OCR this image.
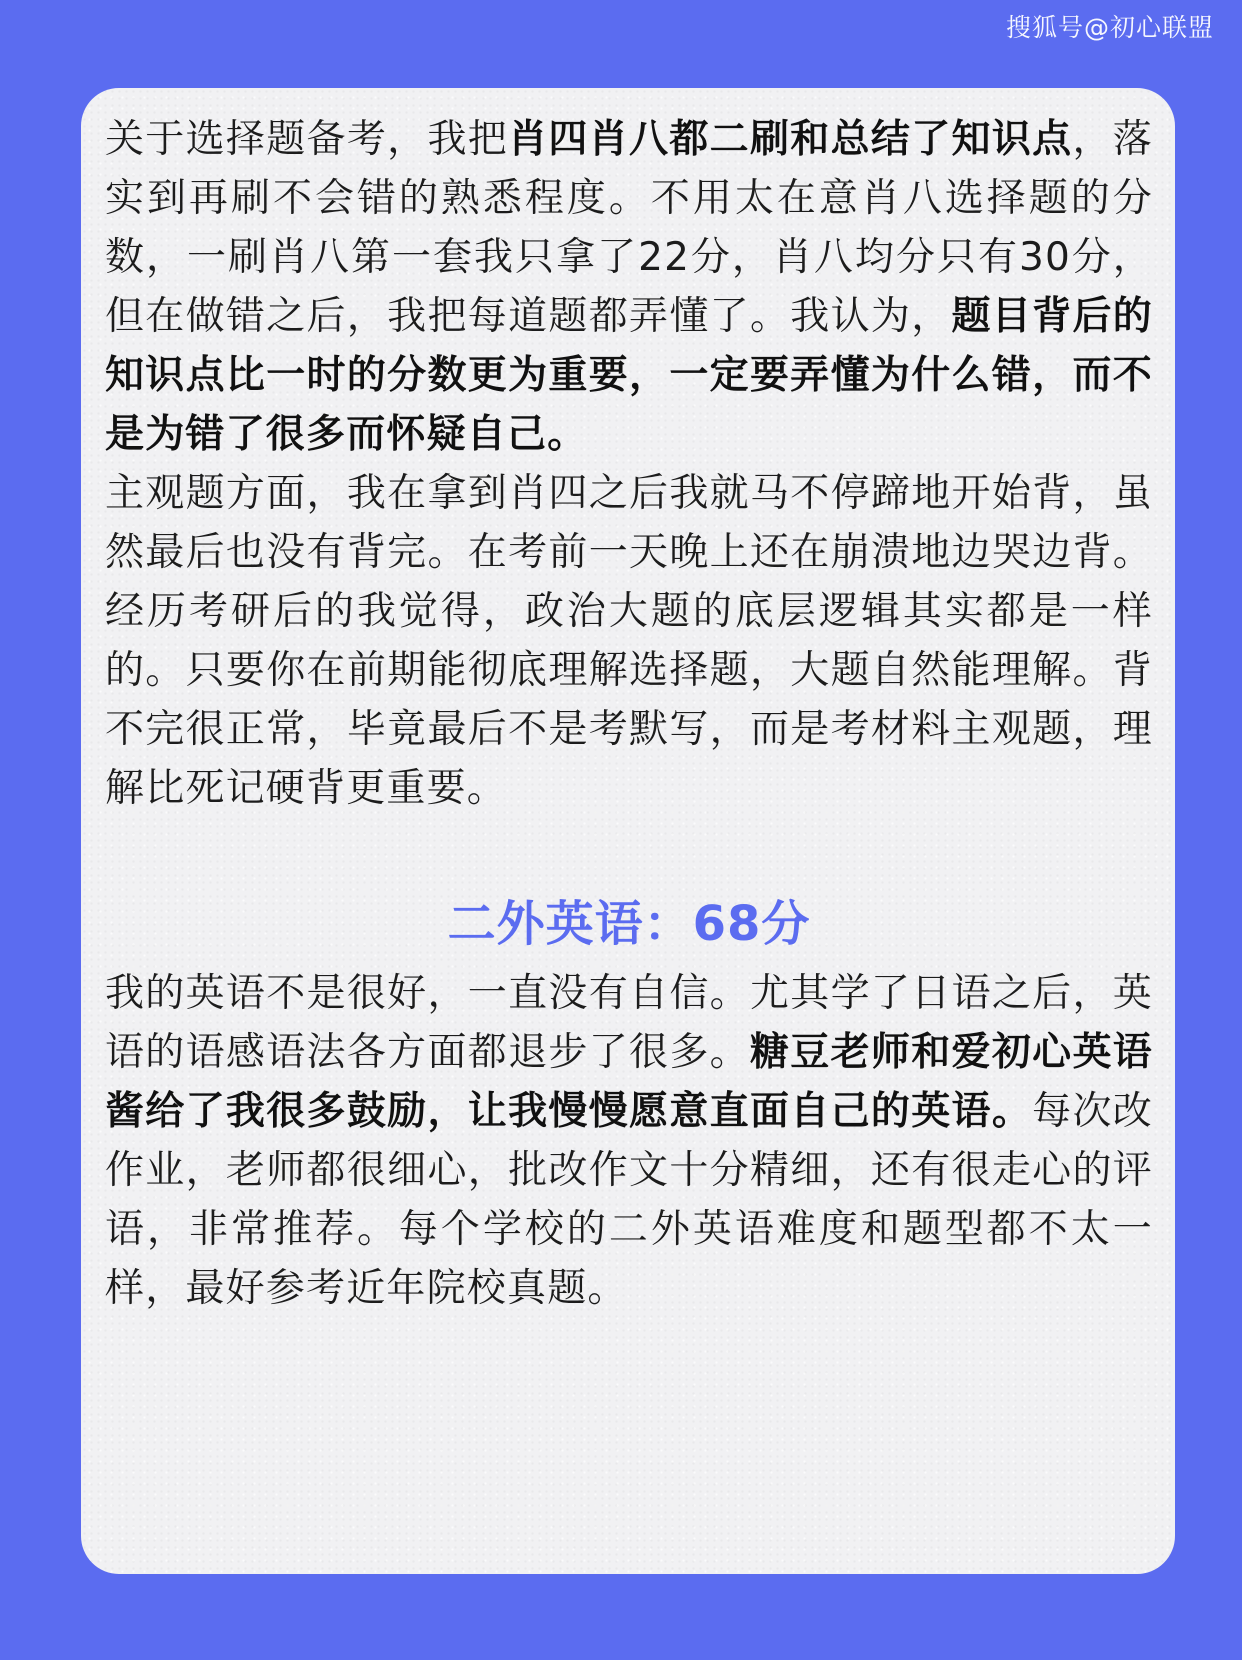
搜狐号@初心联盟

关于选择题备考，我把肖四肖八都二刷和总结了知识点，落实到再刷不会错的熟悉程度。不用太在意肖八选择题的分数，一刷肖八第一套我只拿了22分，肖八均分只有30分，但在做错之后，我把每道题都弄懂了。我认为，题目背后的知识点比一时的分数更为重要，一定要弄懂为什么错，而不是为错了很多而怀疑自己。

主观题方面，我在拿到肖四之后我就马不停蹄地开始背，虽然最后也没有背完。在考前一天晚上还在崩溃地边哭边背。经历考研后的我觉得，政治大题的底层逻辑其实都是一样的。只要你在前期能彻底理解选择题，大题自然能理解。背不完很正常，毕竟最后不是考默写，而是考材料主观题，理解比死记硬背更重要。

二外英语：68分

我的英语不是很好，一直没有自信。尤其学了日语之后，英语的语感语法各方面都退步了很多。糖豆老师和爱初心英语酱给了我很多鼓励，让我慢慢愿意直面自己的英语。每次改作业，老师都很细心，批改作文十分精细，还有很走心的评语，非常推荐。每个学校的二外英语难度和题型都不太一样，最好参考近年院校真题。
